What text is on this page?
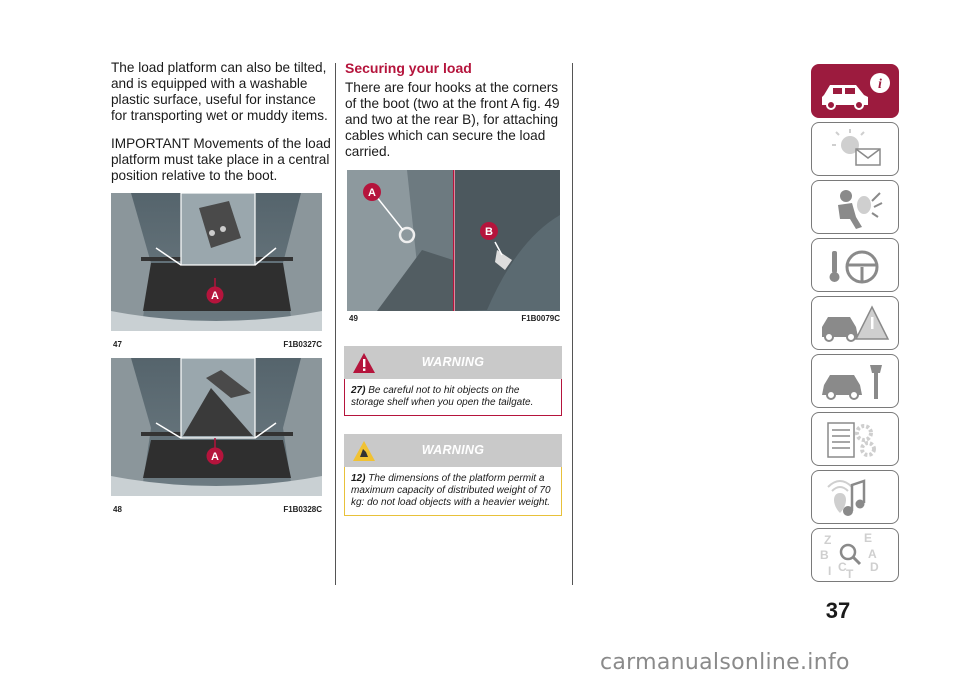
The load platform can also be tilted, and is equipped with a washable plastic surface, useful for instance for transporting wet or muddy items.

IMPORTANT Movements of the load platform must take place in a central position relative to the boot.

A
47	F1B0327C
A
48	F1B0328C

Securing your load

There are four hooks at the corners of the boot (two at the front A fig. 49 and two at the rear B), for attaching cables which can secure the load carried.

A
B
49	F1B0079C
WARNING
27) Be careful not to hit objects on the storage shelf when you open the tailgate.
WARNING
12) The dimensions of the platform permit a maximum capacity of distributed weight of 70 kg: do not load objects with a heavier weight.
i
Z	E
B	A
I C T D
37
carmanualsonline.info
